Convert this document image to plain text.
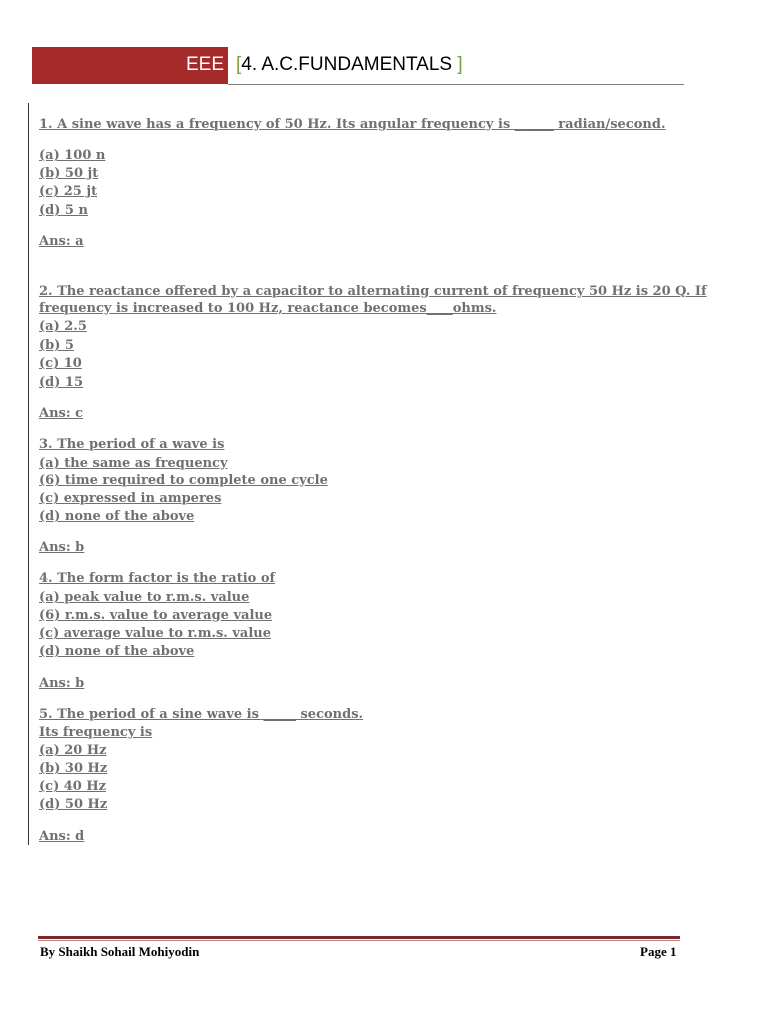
EEE [4. A.C.FUNDAMENTALS ]
1. A sine wave has a frequency of 50 Hz. Its angular frequency is ______ radian/second.
(a) 100 n
(b) 50 jt
(c) 25 jt
(d) 5 n
Ans: a
2. The reactance offered by a capacitor to alternating current of frequency 50 Hz is 20 Q. If
frequency is increased to 100 Hz, reactance becomes____ohms.
(a) 2.5
(b) 5
(c) 10
(d) 15
Ans: c
3. The period of a wave is
(a) the same as frequency
(6) time required to complete one cycle
(c) expressed in amperes
(d) none of the above
Ans: b
4. The form factor is the ratio of
(a) peak value to r.m.s. value
(6) r.m.s. value to average value
(c) average value to r.m.s. value
(d) none of the above
Ans: b
5. The period of a sine wave is _____ seconds.
Its frequency is
(a) 20 Hz
(b) 30 Hz
(c) 40 Hz
(d) 50 Hz
Ans: d
By Shaikh Sohail Mohiyodin	Page 1
